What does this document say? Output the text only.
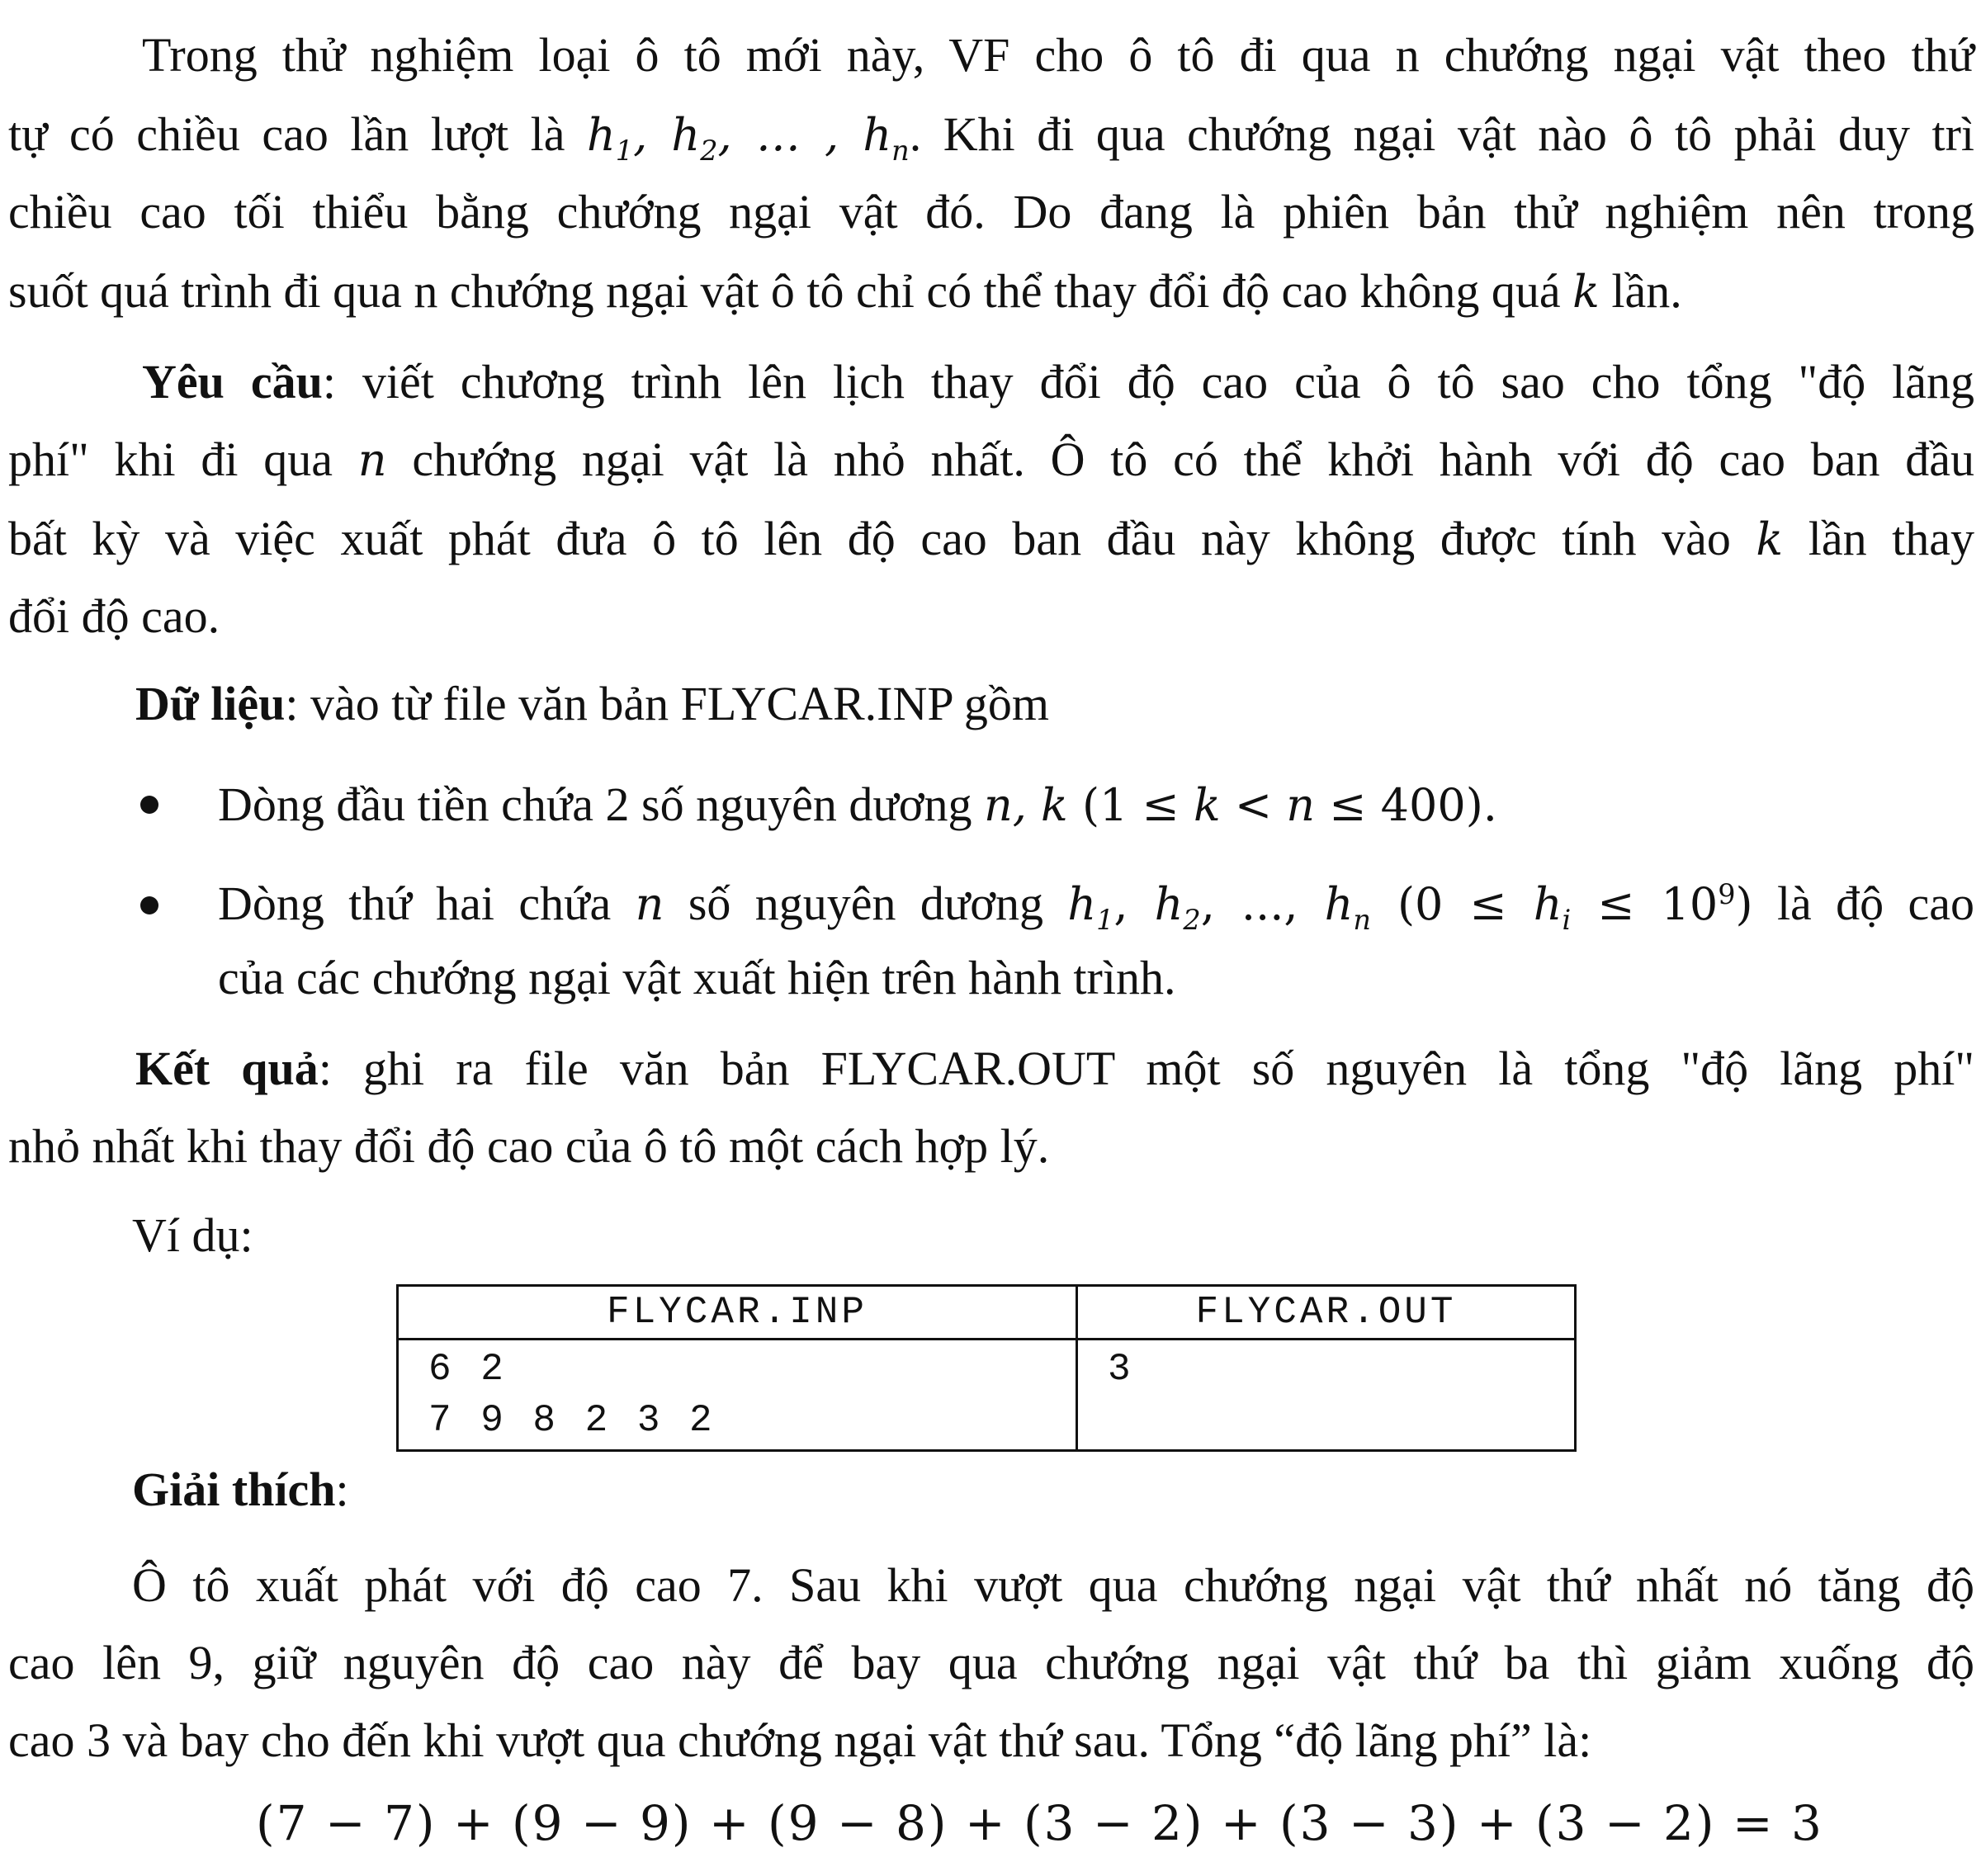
Trong thử nghiệm loại ô tô mới này, VF cho ô tô đi qua n chướng ngại vật theo thứ
tự có chiều cao lần lượt là $h_1$, $h_2$, … , $h_n$. Khi đi qua chướng ngại vật nào ô tô phải duy trì
chiều cao tối thiểu bằng chướng ngại vật đó. Do đang là phiên bản thử nghiệm nên trong
suốt quá trình đi qua n chướng ngại vật ô tô chỉ có thể thay đổi độ cao không quá k lần.
Yêu cầu: viết chương trình lên lịch thay đổi độ cao của ô tô sao cho tổng "độ lãng
phí" khi đi qua n chướng ngại vật là nhỏ nhất. Ô tô có thể khởi hành với độ cao ban đầu
bất kỳ và việc xuất phát đưa ô tô lên độ cao ban đầu này không được tính vào k lần thay
đổi độ cao.
Dữ liệu: vào từ file văn bản FLYCAR.INP gồm
Dòng đầu tiền chứa 2 số nguyên dương n, k (1 ≤ k < n ≤ 400).
Dòng thứ hai chứa n số nguyên dương $h_1$, $h_2$, ..., $h_n$ $(0 \le h_i \le 10^9)$ là độ cao
của các chướng ngại vật xuất hiện trên hành trình.
Kết quả: ghi ra file văn bản FLYCAR.OUT một số nguyên là tổng "độ lãng phí"
nhỏ nhất khi thay đổi độ cao của ô tô một cách hợp lý.
Ví dụ:
FLYCAR.INP	FLYCAR.OUT

6 2
7 9 8 2 3 2	3
Giải thích:
Ô tô xuất phát với độ cao 7. Sau khi vượt qua chướng ngại vật thứ nhất nó tăng độ
cao lên 9, giữ nguyên độ cao này để bay qua chướng ngại vật thứ ba thì giảm xuống độ
cao 3 và bay cho đến khi vượt qua chướng ngại vật thứ sau. Tổng “độ lãng phí” là:
(7 − 7) + (9 − 9) + (9 − 8) + (3 − 2) + (3 − 3) + (3 − 2) = 3
